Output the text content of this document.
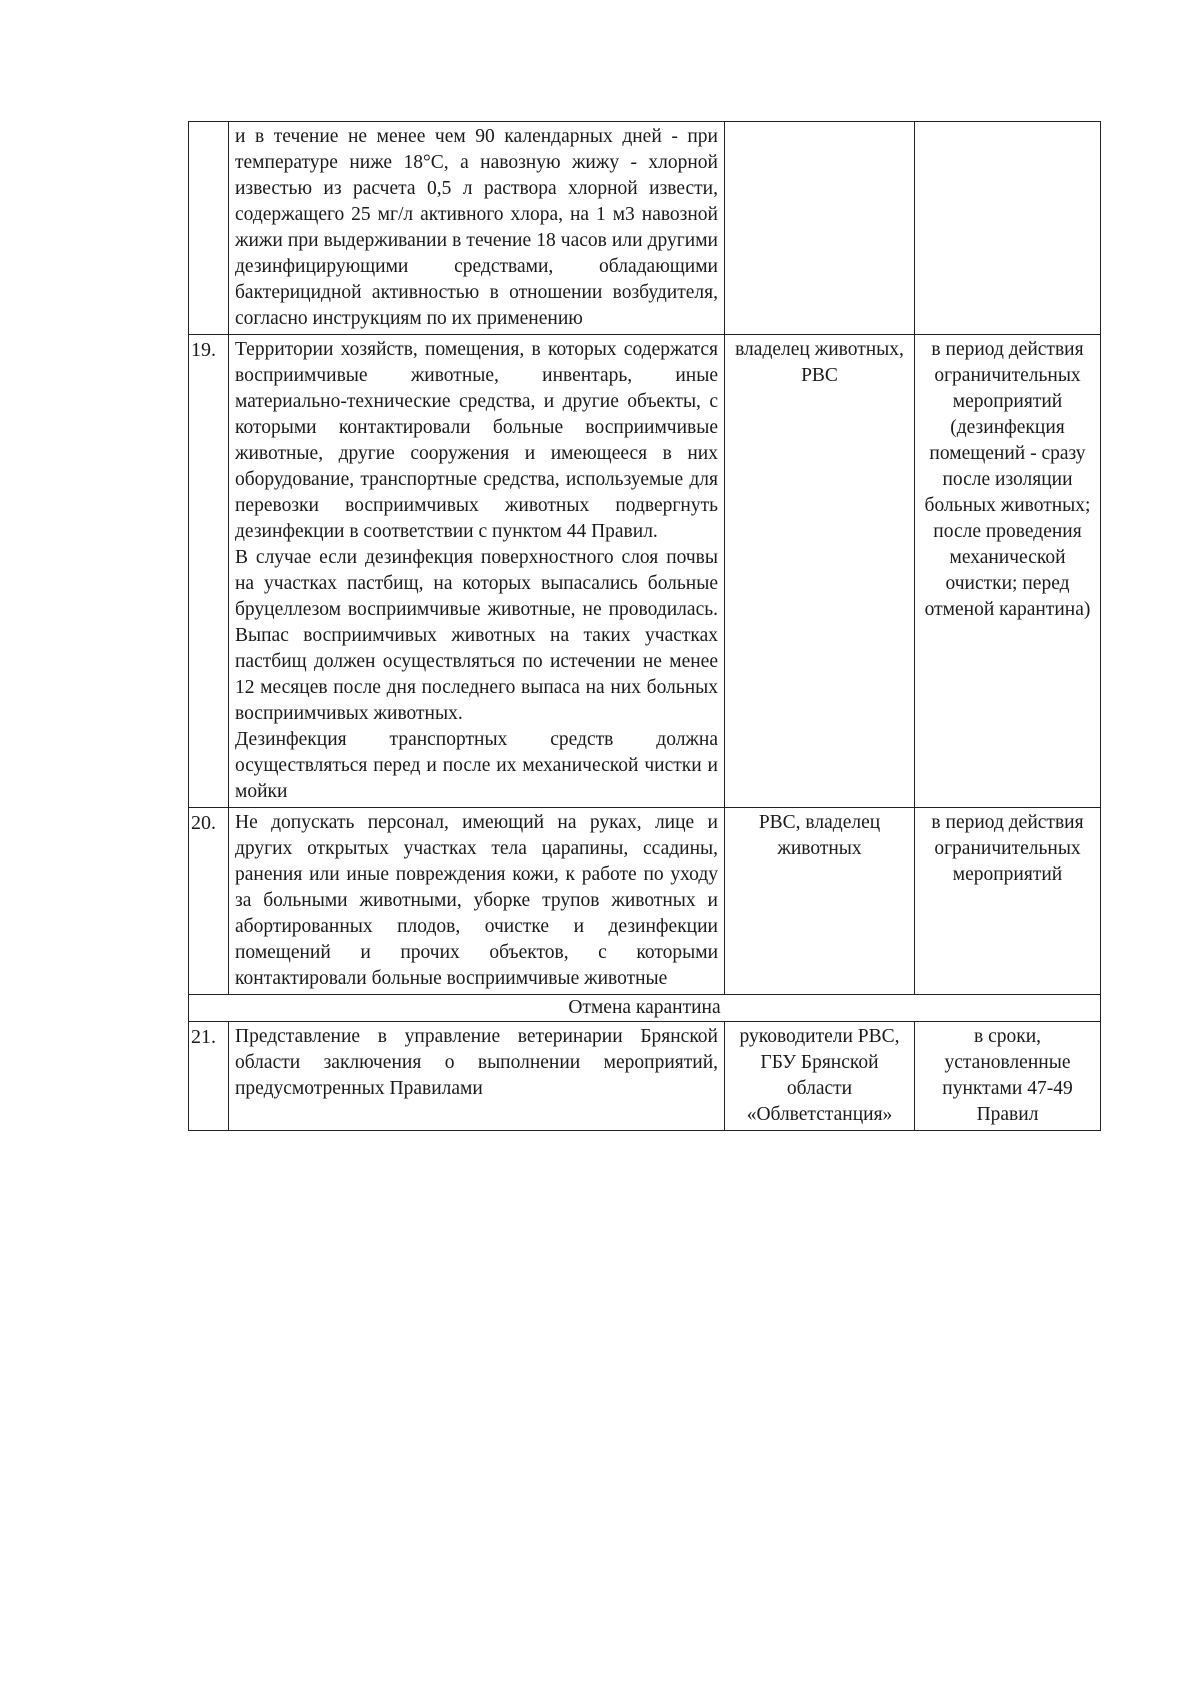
	и в течение не менее чем 90 календарных дней - при температуре ниже 18°С, а навозную жижу - хлорной известью из расчета 0,5 л раствора хлорной извести, содержащего 25 мг/л активного хлора, на 1 м3 навозной жижи при выдерживании в течение 18 часов или другими дезинфицирующими средствами, обладающими бактерицидной активностью в отношении возбудителя, согласно инструкциям по их применению		

19.	Территории хозяйств, помещения, в которых содержатся восприимчивые животные, инвентарь, иные материально-технические средства, и другие объекты, с которыми контактировали больные восприимчивые животные, другие сооружения и имеющееся в них оборудование, транспортные средства, используемые для перевозки восприимчивых животных подвергнуть дезинфекции в соответствии с пунктом 44 Правил.
В случае если дезинфекция поверхностного слоя почвы на участках пастбищ, на которых выпасались больные бруцеллезом восприимчивые животные, не проводилась. Выпас восприимчивых животных на таких участках пастбищ должен осуществляться по истечении не менее 12 месяцев после дня последнего выпаса на них больных восприимчивых животных.
Дезинфекция транспортных средств должна осуществляться перед и после их механической чистки и мойки	владелец животных, РВС	в период действия ограничительных мероприятий (дезинфекция помещений - сразу после изоляции больных животных; после проведения механической очистки; перед отменой карантина)
20.	Не допускать персонал, имеющий на руках, лице и других открытых участках тела царапины, ссадины, ранения или иные повреждения кожи, к работе по уходу за больными животными, уборке трупов животных и абортированных плодов, очистке и дезинфекции помещений и прочих объектов, с которыми контактировали больные восприимчивые животные	РВС, владелец животных	в период действия ограничительных мероприятий
Отмена карантина			
21.	Представление в управление ветеринарии Брянской области заключения о выполнении мероприятий, предусмотренных Правилами	руководители РВС, ГБУ Брянской области «Облветстанция»	в сроки, установленные пунктами 47-49 Правил
